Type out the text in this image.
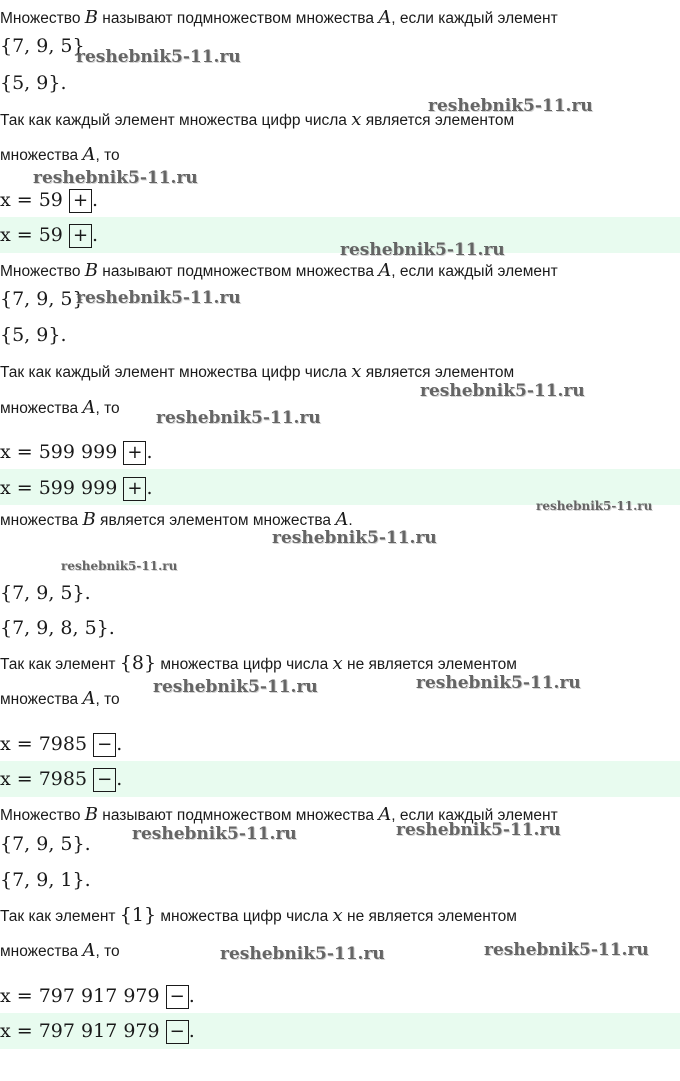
Множество B называют подмножеством множества A, если каждый элемент
{7, 9, 5}
{5, 9}.
Так как каждый элемент множества цифр числа x является элементом
множества A, то
x = 59 + .
x = 59 + .
Множество B называют подмножеством множества A, если каждый элемент
{7, 9, 5}
{5, 9}.
Так как каждый элемент множества цифр числа x является элементом
множества A, то
x = 599 999 + .
x = 599 999 + .
множества B является элементом множества A.
{7, 9, 5}.
{7, 9, 8, 5}.
Так как элемент {8} множества цифр числа x не является элементом
множества A, то
x = 7985 − .
x = 7985 − .
Множество B называют подмножеством множества A, если каждый элемент
{7, 9, 5}.
{7, 9, 1}.
Так как элемент {1} множества цифр числа x не является элементом
множества A, то
x = 797 917 979 − .
x = 797 917 979 − .
reshebnik5-11.ru
reshebnik5-11.ru
reshebnik5-11.ru
reshebnik5-11.ru
reshebnik5-11.ru
reshebnik5-11.ru
reshebnik5-11.ru
reshebnik5-11.ru
reshebnik5-11.ru
reshebnik5-11.ru
reshebnik5-11.ru	reshebnik5-11.ru
reshebnik5-11.ru	reshebnik5-11.ru
reshebnik5-11.ru	reshebnik5-11.ru
